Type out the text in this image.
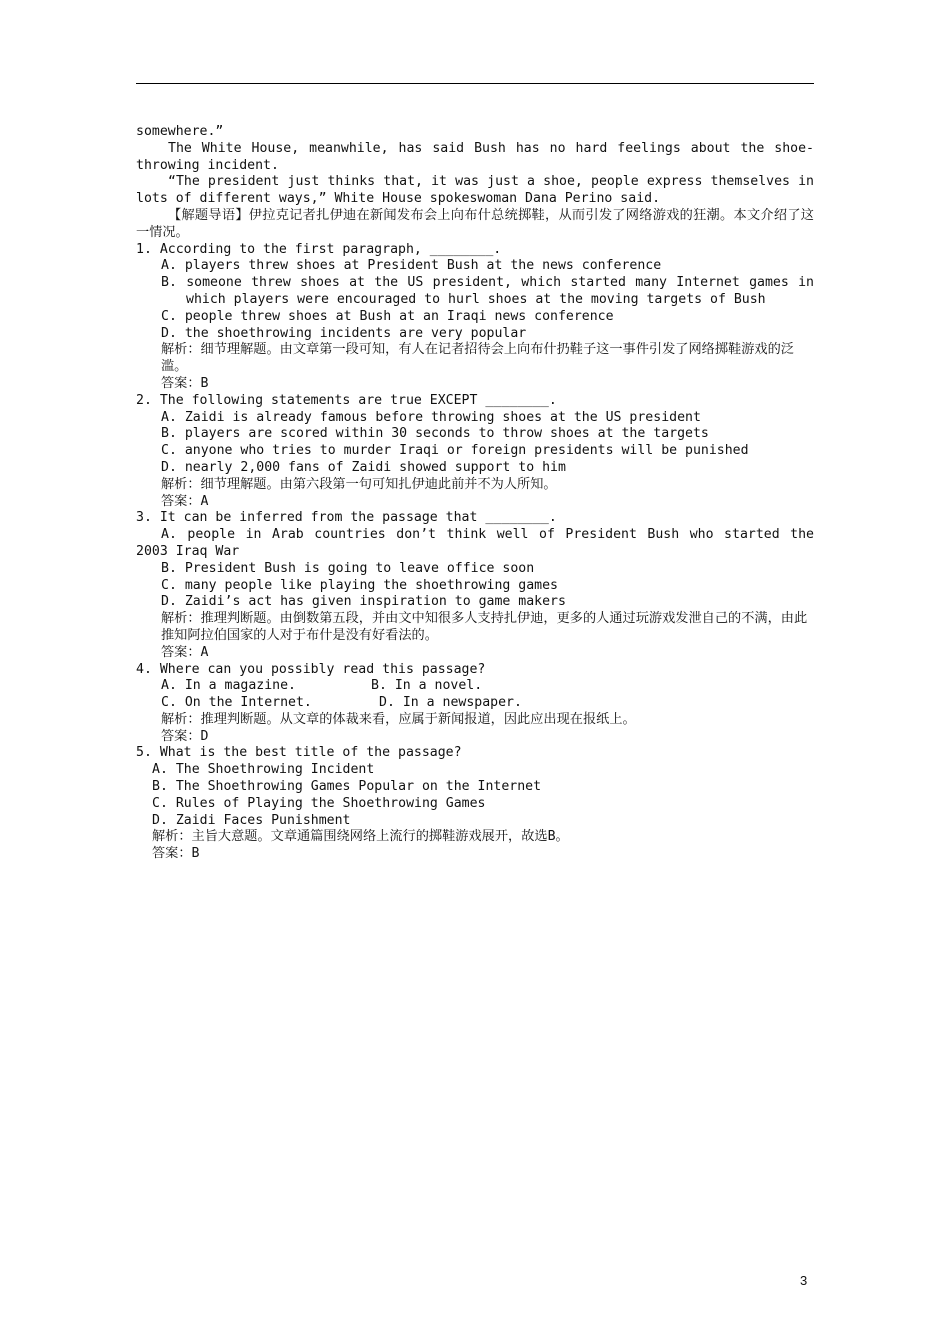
somewhere.”
The White House, meanwhile, has said Bush has no hard feelings about the shoe-throwing incident.
“The president just thinks that, it was just a shoe, people express themselves in lots of different ways,” White House spokeswoman Dana Perino said.
【解题导语】伊拉克记者扎伊迪在新闻发布会上向布什总统掷鞋，从而引发了网络游戏的狂潮。本文介绍了这一情况。
1. According to the first paragraph, ________.
A. players threw shoes at President Bush at the news conference
B. someone threw shoes at the US president, which started many Internet games in which players were encouraged to hurl shoes at the moving targets of Bush
C. people threw shoes at Bush at an Iraqi news conference
D. the shoethrowing incidents are very popular
解析：细节理解题。由文章第一段可知，有人在记者招待会上向布什扔鞋子这一事件引发了网络掷鞋游戏的泛滥。
答案：B
2. The following statements are true EXCEPT ________.
A. Zaidi is already famous before throwing shoes at the US president
B. players are scored within 30 seconds to throw shoes at the targets
C. anyone who tries to murder Iraqi or foreign presidents will be punished
D. nearly 2,000 fans of Zaidi showed support to him
解析：细节理解题。由第六段第一句可知扎伊迪此前并不为人所知。
答案：A
3. It can be inferred from the passage that ________.
A. people in Arab countries don’t think well of President Bush who started the 2003 Iraq War
B. President Bush is going to leave office soon
C. many people like playing the shoethrowing games
D. Zaidi’s act has given inspiration to game makers
解析：推理判断题。由倒数第五段，并由文中知很多人支持扎伊迪，更多的人通过玩游戏发泄自己的不满，由此推知阿拉伯国家的人对于布什是没有好看法的。
答案：A
4. Where can you possibly read this passage?
A. In a magazine.	B. In a novel.
C. On the Internet.	D. In a newspaper.
解析：推理判断题。从文章的体裁来看，应属于新闻报道，因此应出现在报纸上。
答案：D
5. What is the best title of the passage?
A. The Shoethrowing Incident
B. The Shoethrowing Games Popular on the Internet
C. Rules of Playing the Shoethrowing Games
D. Zaidi Faces Punishment
解析：主旨大意题。文章通篇围绕网络上流行的掷鞋游戏展开，故选B。
答案：B
3
